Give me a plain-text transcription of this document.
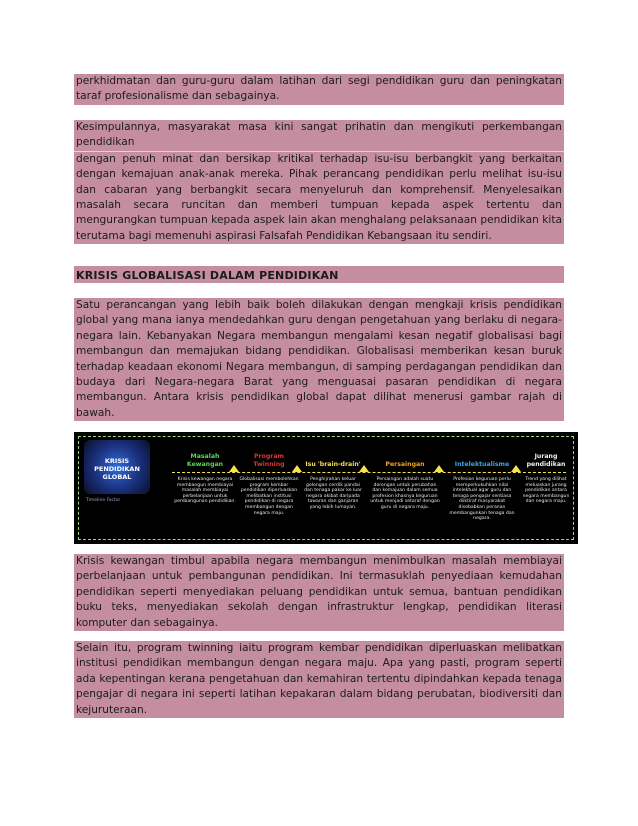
perkhidmatan dan guru-guru dalam latihan dari segi pendidikan guru dan peningkatan taraf profesionalisme dan sebagainya.

Kesimpulannya, masyarakat masa kini sangat prihatin dan mengikuti perkembangan pendidikan

dengan penuh minat dan bersikap kritikal terhadap isu-isu berbangkit yang berkaitan dengan kemajuan anak-anak mereka. Pihak perancang pendidikan perlu melihat isu-isu dan cabaran yang berbangkit secara menyeluruh dan komprehensif. Menyelesaikan masalah secara runcitan dan memberi tumpuan kepada aspek tertentu dan mengurangkan tumpuan kepada aspek lain akan menghalang pelaksanaan pendidikan kita terutama bagi memenuhi aspirasi Falsafah Pendidikan Kebangsaan itu sendiri.

KRISIS GLOBALISASI DALAM PENDIDIKAN

Satu perancangan yang lebih baik boleh dilakukan dengan mengkaji krisis pendidikan global yang mana ianya mendedahkan guru dengan pengetahuan yang berlaku di negara-negara lain. Kebanyakan Negara membangun mengalami kesan negatif globalisasi bagi membangun dan memajukan bidang pendidikan. Globalisasi memberikan kesan buruk terhadap keadaan ekonomi Negara membangun, di samping perdagangan pendidikan dan budaya dari Negara-negara Barat yang menguasai pasaran pendidikan di negara membangun. Antara krisis pendidikan global dapat dilihat menerusi gambar rajah di bawah.

KRISIS PENDIDIKAN GLOBAL
Timeline Factor
Masalah Kewangan
Krisis kewangan negara membangun membiayai masalah membiayai perbelanjaan untuk pembangunan pendidikan.
Program Twinning
Globalisasi membolehkan program kembar pendidikan diperluaskan melibatkan institusi pendidikan di negara membangun dengan negara maju.
Isu 'brain-drain'
Penghijrahan keluar golongan cerdik pandai dan tenaga pakar ke luar negara akibat daripada tawaran dan ganjaran yang lebih lumayan.
Persaingan
Persaingan adalah suatu dorongan untuk perubahan dan kemajuan dalam semua profesion khasnya keguruan untuk menjadi setaraf dengan guru di negara maju.
Intelektualisme
Profesion keguruan perlu memperkukuhkan nilai intelektual agar guru dan tenaga pengajar sentiasa diiktiraf masyarakat disebabkan peranan membangunkan tenaga dan negara.
Jurang pendidikan
Trend yang dilihat meluaskan jurang pendidikan antara negara membangun dan negara maju.

Krisis kewangan timbul apabila negara membangun menimbulkan masalah membiayai perbelanjaan untuk pembangunan pendidikan. Ini termasuklah penyediaan kemudahan pendidikan seperti menyediakan peluang pendidikan untuk semua, bantuan pendidikan buku teks, menyediakan sekolah dengan infrastruktur lengkap, pendidikan literasi komputer dan sebagainya.

Selain itu, program twinning iaitu program kembar pendidikan diperluaskan melibatkan institusi pendidikan membangun dengan negara maju. Apa yang pasti, program seperti ada kepentingan kerana pengetahuan dan kemahiran tertentu dipindahkan kepada tenaga pengajar di negara ini seperti latihan kepakaran dalam bidang perubatan, biodiversiti dan kejuruteraan.
